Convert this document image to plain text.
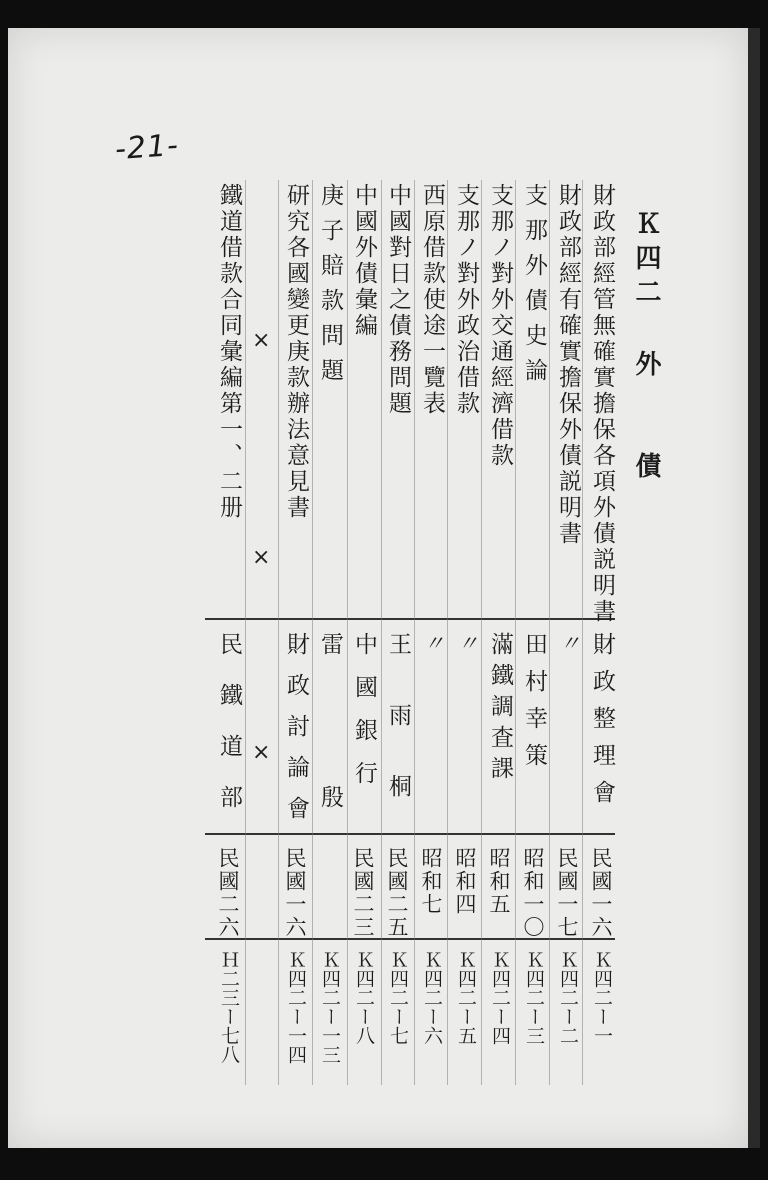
-21-
Ｋ四二 外　　債
財政部經管無確實擔保各項外債説明書
財政整理會
民國一六
Ｋ四二ー一
財政部經有確實擔保外債説明書
〃
民國一七
Ｋ四二ー二
支那外債史論
田村幸策
昭和一〇
Ｋ四二ー三
支那ノ對外交通經濟借款
滿鐵調査課
昭和五
Ｋ四二ー四
支那ノ對外政治借款
〃
昭和四
Ｋ四二ー五
西原借款使途一覽表
〃
昭和七
Ｋ四二ー六
中國對日之債務問題
王雨桐
民國二五
Ｋ四二ー七
中國外債彙編
中國銀行
民國二三
Ｋ四二ー八
庚子賠款問題
雷殷
Ｋ四二ー一三
研究各國變更庚款辦法意見書
財政討論會
民國一六
Ｋ四二ー一四
×
×
×
鐵道借款合同彙編第一、二册
民鐵道部
民國二六
Ｈ二三ー七八
